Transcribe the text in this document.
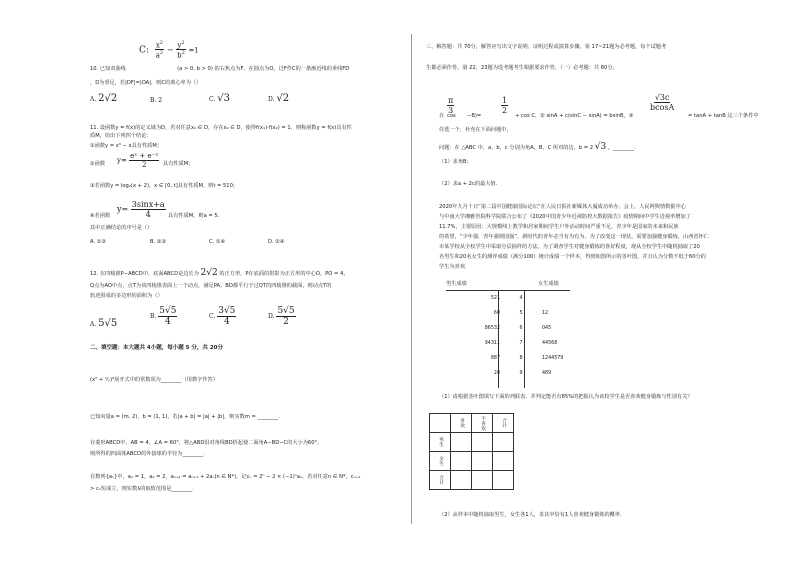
C: $\frac{x^2}{a^2} - \frac{y^2}{b^2} =1$
10. 已知双曲线	(a > 0, b > 0) 的右焦点为F，在圆点为O，过F作C的一条渐近线的垂线FD
，D为垂足，若|DF|=|OA|，则C的离心率为（）
A. 2√2	B. 2	C. √3	D. √2
11. 设函数y = f(x)的定义域为D，若对任意x₁ ∈ D，存在x₂ ∈ D，使得f(x₁)·f(x₂) = 1，则称函数y = f(x)具有性
质M，给出下列四个结论：
①函数y = x³ − x具有性质M；
②函数 $y= \frac{\text{eˣ + e⁻ˣ}}{2}$ 具有性质M；
③若函数y = log₂(x + 2)，x ∈ [0, t]具有性质M，则t = 510；
④若函数
$y= \frac{3\sin x+a}{4}$ 具有性质M，则a = 5.
其中正确结论的序号是（）
A. ①③	B. ②③	C. ①④	D. ②④
12. 在四棱锥P−ABCD中，底面ABCD是边长为 2√2 的正方形，P在底面的射影为正方形的中心O，PO = 4，
Q点为AO中点，点T为该四棱锥表面上一个动点，满足PA，BD都平行于过QT的四棱锥的截面，则动点T的
轨迹围成的多边形的面积为（）
A. 5√5
B. $\frac{5√5}{4}$	C. $\frac{3√5}{4}$	D. $\frac{5√5}{2}$
二、填空题：本大题共 4小题，每小题 5 分，共 20分
(x² + ¹⁄ₓ)⁶展开式中的常数项为________（用数字作答）
已知向量a = (m, 2)，b = (1, 1)，若|a + b| = |a| + |b|，则实数m = ________.
在菱形ABCD中，AB = 4，∠A = 60°，将△ABD沿对角线BD折起使二面角A−BD−C的大小为60°，
则所得的四面体ABCD的外接球的半径为________.
在数列{aₙ}中，a₁ = 1，a₂ = 2，aₙ₊₂ = aₙ₊₁ + 2aₙ(n ∈ N*)，记cₙ = 2ⁿ − 2 × (−1)ⁿaₙ，若对任意n ∈ N*，cₙ₊₁
> cₙ恒成立，则实数λ的取值范围是________.
三、解答题：共 70分，解答应写出文字说明、证明过程或演算步骤，第 17~21题为必考题，每个试题考
生都必须作答，第 22，23题为选考题考生根据要求作答，（一）必考题：共 60分。
在
$\frac{\pi}{3}$
cos −B)=
$\frac{1}{2}$
+ cos C，② sinA + c(sinC − sinA) = bsinB，③
$\frac{√3c}{bcosA}$
= tanA + tanB 这三个条件中
任选一个，补充在下面问题中，
问题：在 △ABC 中，a，b，c 分别为角A，B，C 所对的边，b = 2 √3 ，________.
（1）求角B；
（2）求a + 2c的最大值.
2020年九月十日“第二届中国健康国际论坛”在人民日报社新媒体大厦成功举办，会上，人民网舆情数据中心
与中南大学湘雅医院科学院联合公布了《2020中国青少年近视防控大数据报告》疫情期间中学生近视率增加了
11.7%，主要原因：大规模线上教学和居家期间学生户外活动时间严重不足，青少年是国家的未来和民族
的希望，“少年强，青年强则国强”，新时代的青年必当有为有为，为了改变这一现状，需要加强健身锻炼，山西省怀仁
市某学校从全校学生中采取分层抽样的方法，为了调查学生对健身锻炼的喜好程度，现从全校学生中随机抽取了20
名男生和20名女生的测评成绩（满分100）统计成绩一个样本，得到如图所示的茎叶图，并且认为分数不低于60分的
学生为喜欢.
男生成绩	女生成绩
521	4	
60	5	12
86532	6	045
94311	7	44568
887	8	1244579
20	9	489
（1）请根据茎叶图填写下面的列联表，并判定能否有85%的把握认为该校学生是否喜欢健身锻炼与性别有关？
	喜欢	不喜欢	合计
男生			
女生			
合计			
（2）从样本中随机抽取男生，女生各1人，求其中恰有1人喜欢健身锻炼的概率.
